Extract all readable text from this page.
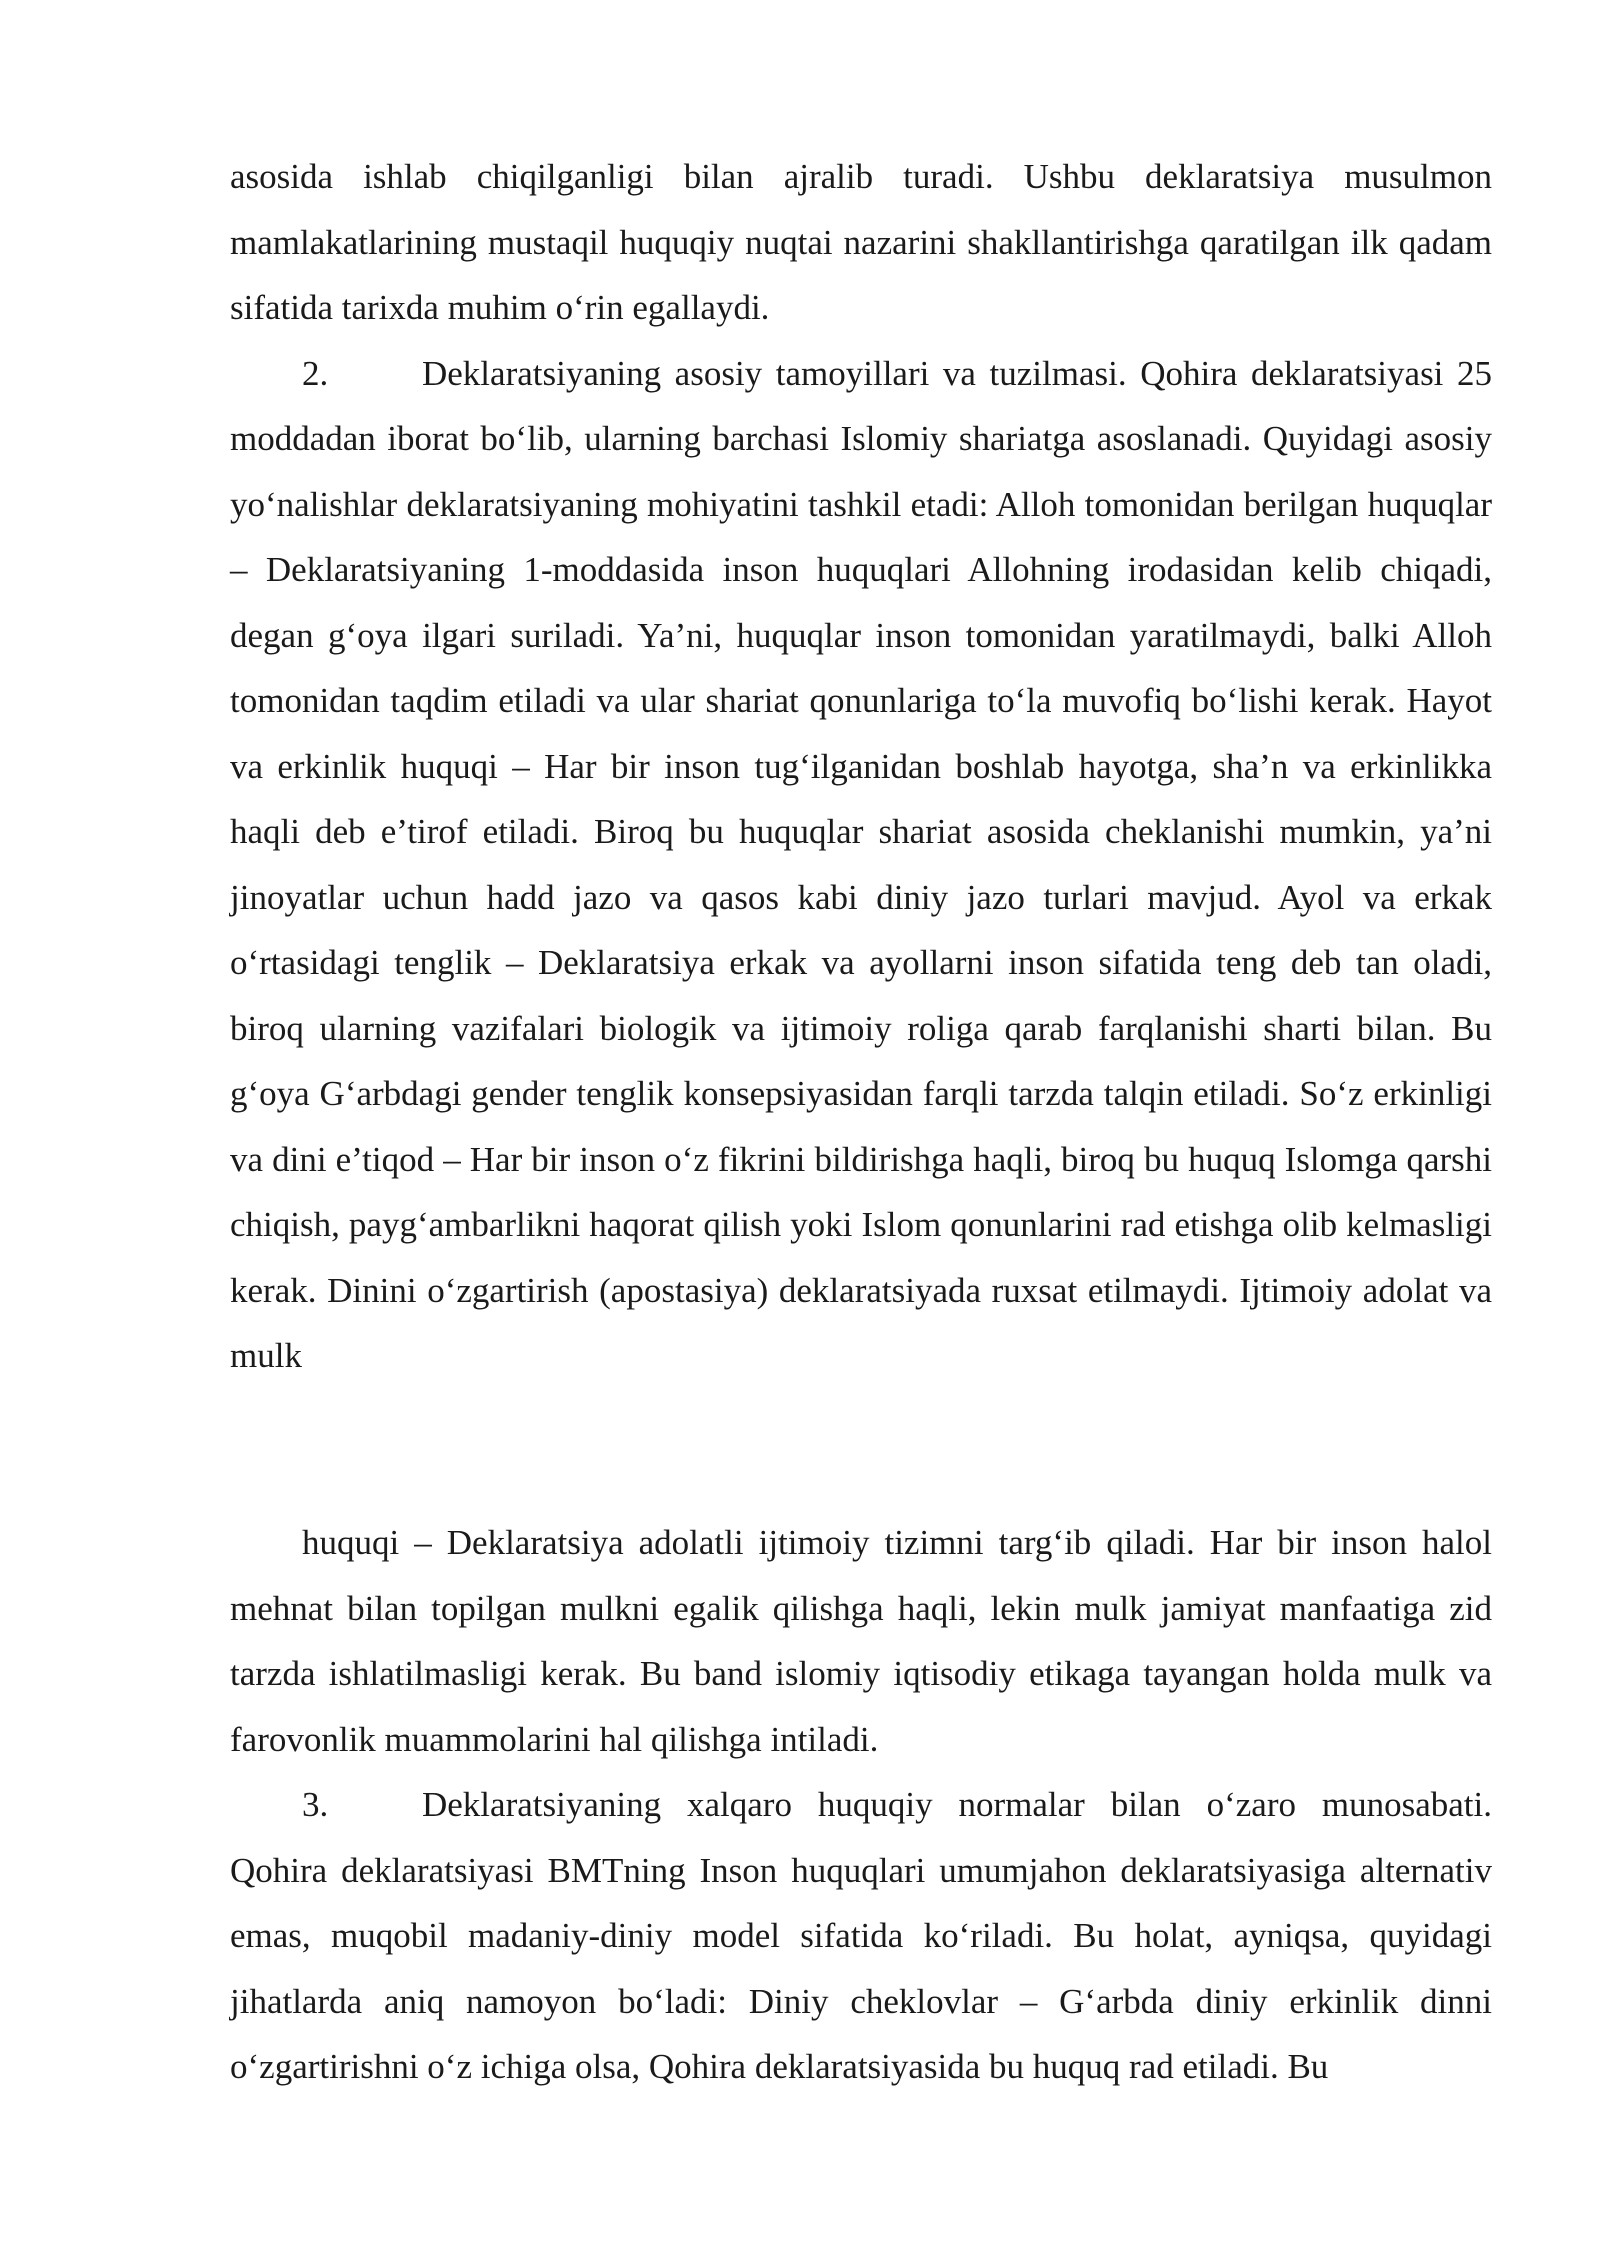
asosida ishlab chiqilganligi bilan ajralib turadi. Ushbu deklaratsiya musulmon mamlakatlarining mustaqil huquqiy nuqtai nazarini shakllantirishga qaratilgan ilk qadam sifatida tarixda muhim o‘rin egallaydi.

2.	Deklaratsiyaning asosiy tamoyillari va tuzilmasi. Qohira deklaratsiyasi 25 moddadan iborat bo‘lib, ularning barchasi Islomiy shariatga asoslanadi. Quyidagi asosiy yo‘nalishlar deklaratsiyaning mohiyatini tashkil etadi: Alloh tomonidan berilgan huquqlar – Deklaratsiyaning 1-moddasida inson huquqlari Allohning irodasidan kelib chiqadi, degan g‘oya ilgari suriladi. Ya’ni, huquqlar inson tomonidan yaratilmaydi, balki Alloh tomonidan taqdim etiladi va ular shariat qonunlariga to‘la muvofiq bo‘lishi kerak. Hayot va erkinlik huquqi – Har bir inson tug‘ilganidan boshlab hayotga, sha’n va erkinlikka haqli deb e’tirof etiladi. Biroq bu huquqlar shariat asosida cheklanishi mumkin, ya’ni jinoyatlar uchun hadd jazo va qasos kabi diniy jazo turlari mavjud. Ayol va erkak o‘rtasidagi tenglik – Deklaratsiya erkak va ayollarni inson sifatida teng deb tan oladi, biroq ularning vazifalari biologik va ijtimoiy roliga qarab farqlanishi sharti bilan. Bu g‘oya G‘arbdagi gender tenglik konsepsiyasidan farqli tarzda talqin etiladi. So‘z erkinligi va dini e’tiqod – Har bir inson o‘z fikrini bildirishga haqli, biroq bu huquq Islomga qarshi chiqish, payg‘ambarlikni haqorat qilish yoki Islom qonunlarini rad etishga olib kelmasligi kerak. Dinini o‘zgartirish (apostasiya) deklaratsiyada ruxsat etilmaydi. Ijtimoiy adolat va mulk

huquqi – Deklaratsiya adolatli ijtimoiy tizimni targ‘ib qiladi. Har bir inson halol mehnat bilan topilgan mulkni egalik qilishga haqli, lekin mulk jamiyat manfaatiga zid tarzda ishlatilmasligi kerak. Bu band islomiy iqtisodiy etikaga tayangan holda mulk va farovonlik muammolarini hal qilishga intiladi.

3.	Deklaratsiyaning xalqaro huquqiy normalar bilan o‘zaro munosabati. Qohira deklaratsiyasi BMTning Inson huquqlari umumjahon deklaratsiyasiga alternativ emas, muqobil madaniy-diniy model sifatida ko‘riladi. Bu holat, ayniqsa, quyidagi jihatlarda aniq namoyon bo‘ladi: Diniy cheklovlar – G‘arbda diniy erkinlik dinni o‘zgartirishni o‘z ichiga olsa, Qohira deklaratsiyasida bu huquq rad etiladi. Bu
